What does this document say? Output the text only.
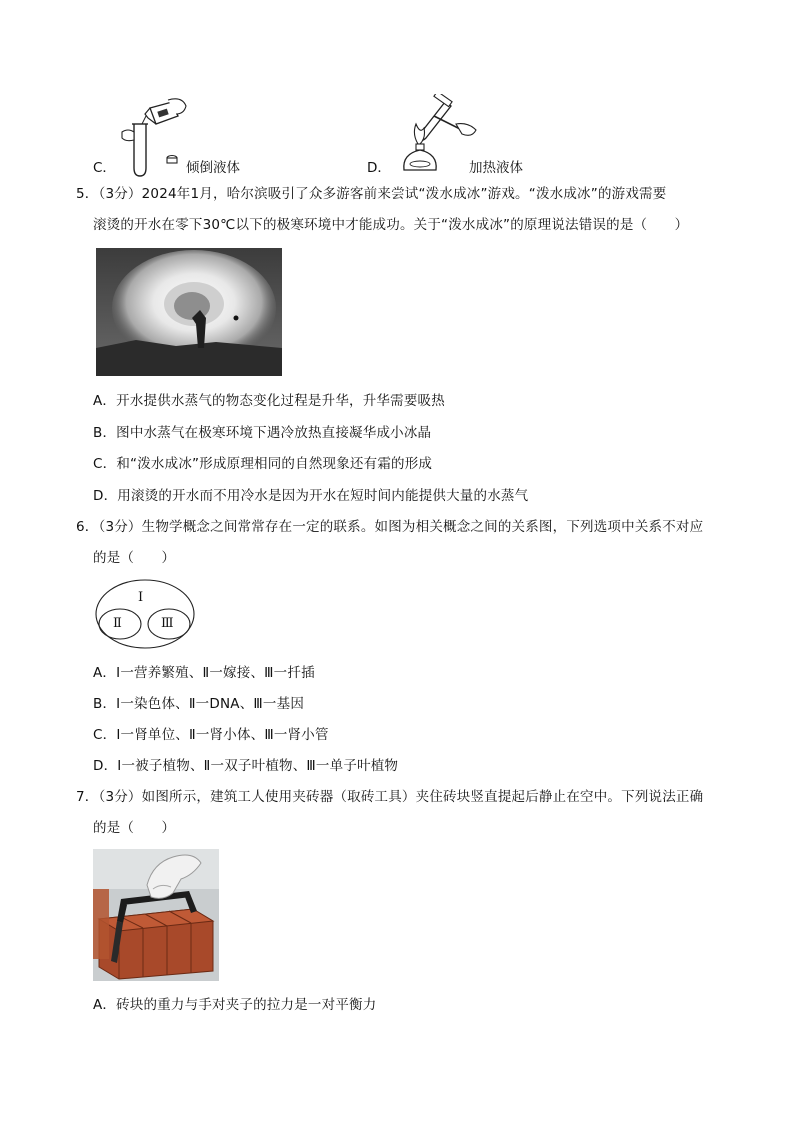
C．	倾倒液体	D．	加热液体
5．（3分）2024年1月，哈尔滨吸引了众多游客前来尝试“泼水成冰”游戏。“泼水成冰”的游戏需要
滚烫的开水在零下30℃以下的极寒环境中才能成功。关于“泼水成冰”的原理说法错误的是（　　）
A．开水提供水蒸气的物态变化过程是升华，升华需要吸热
B．图中水蒸气在极寒环境下遇冷放热直接凝华成小冰晶
C．和“泼水成冰”形成原理相同的自然现象还有霜的形成
D．用滚烫的开水而不用冷水是因为开水在短时间内能提供大量的水蒸气
6．（3分）生物学概念之间常常存在一定的联系。如图为相关概念之间的关系图，下列选项中关系不对应
的是（　　）
Ⅰ
Ⅱ	Ⅲ
A．Ⅰ一营养繁殖、Ⅱ一嫁接、Ⅲ一扦插
B．Ⅰ一染色体、Ⅱ一DNA、Ⅲ一基因
C．Ⅰ一肾单位、Ⅱ一肾小体、Ⅲ一肾小管
D．Ⅰ一被子植物、Ⅱ一双子叶植物、Ⅲ一单子叶植物
7．（3分）如图所示，建筑工人使用夹砖器（取砖工具）夹住砖块竖直提起后静止在空中。下列说法正确
的是（　　）
A．砖块的重力与手对夹子的拉力是一对平衡力
